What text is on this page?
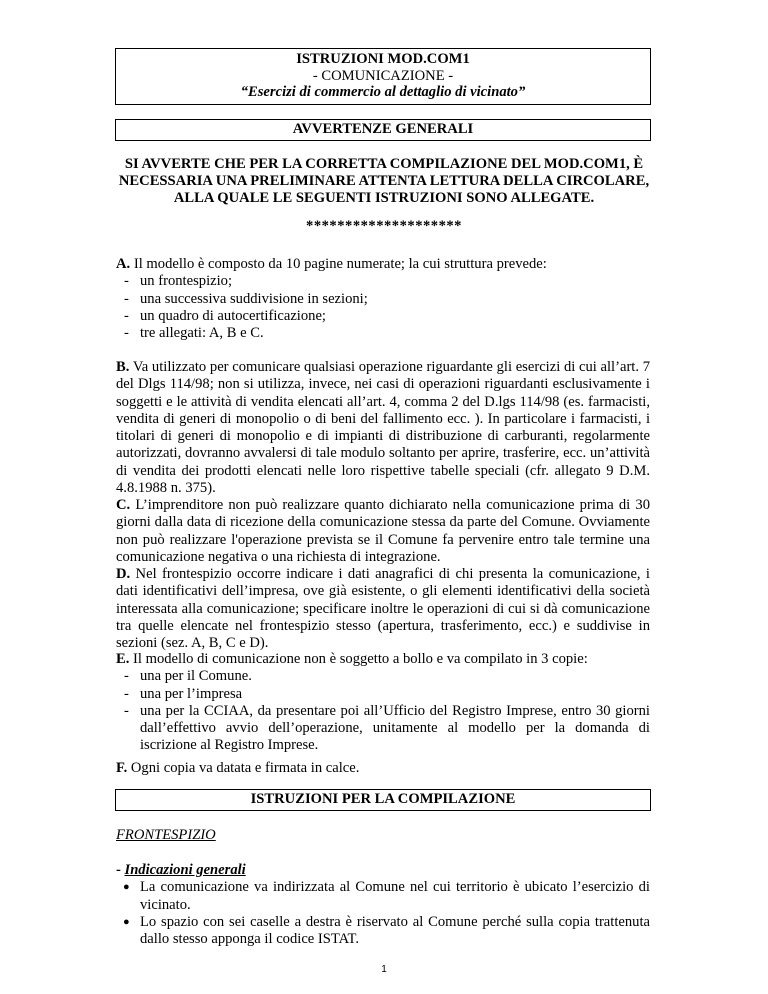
ISTRUZIONI MOD.COM1
- COMUNICAZIONE -
“Esercizi di commercio al dettaglio di vicinato”
AVVERTENZE GENERALI
SI AVVERTE CHE PER LA CORRETTA COMPILAZIONE DEL MOD.COM1, È NECESSARIA UNA PRELIMINARE ATTENTA LETTURA DELLA CIRCOLARE, ALLA QUALE LE SEGUENTI ISTRUZIONI SONO ALLEGATE.
********************

A. Il modello è composto da 10 pagine numerate; la cui struttura prevede:

- un frontespizio;
- una successiva suddivisione in sezioni;
- un quadro di autocertificazione;
- tre allegati: A, B e C.

B. Va utilizzato per comunicare qualsiasi operazione riguardante gli esercizi di cui all’art. 7 del Dlgs 114/98; non si utilizza, invece, nei casi di operazioni riguardanti esclusivamente i soggetti e le attività di vendita elencati all’art. 4, comma 2 del D.lgs 114/98 (es. farmacisti, vendita di generi di monopolio o di beni del fallimento ecc. ). In particolare i farmacisti, i titolari di generi di monopolio e di impianti di distribuzione di carburanti, regolarmente autorizzati, dovranno avvalersi di tale modulo soltanto per aprire, trasferire, ecc. un’attività di vendita dei prodotti elencati nelle loro rispettive tabelle speciali (cfr. allegato 9 D.M. 4.8.1988 n. 375).

C. L’imprenditore non può realizzare quanto dichiarato nella comunicazione prima di 30 giorni dalla data di ricezione della comunicazione stessa da parte del Comune. Ovviamente non può realizzare l'operazione prevista se il Comune fa pervenire entro tale termine una comunicazione negativa o una richiesta di integrazione.

D. Nel frontespizio occorre indicare i dati anagrafici di chi presenta la comunicazione, i dati identificativi dell’impresa, ove già esistente, o gli elementi identificativi della società interessata alla comunicazione; specificare inoltre le operazioni di cui si dà comunicazione tra quelle elencate nel frontespizio stesso (apertura, trasferimento, ecc.) e suddivise in sezioni (sez. A, B, C e D).

E. Il modello di comunicazione non è soggetto a bollo e va compilato in 3 copie:

- una per il Comune.
- una per l’impresa
- una per la CCIAA, da presentare poi all’Ufficio del Registro Imprese, entro 30 giorni dall’effettivo avvio dell’operazione, unitamente al modello per la domanda di iscrizione al Registro Imprese.

F. Ogni copia va datata e firmata in calce.

ISTRUZIONI PER LA COMPILAZIONE
FRONTESPIZIO

- Indicazioni generali

● La comunicazione va indirizzata al Comune nel cui territorio è ubicato l’esercizio di vicinato.
● Lo spazio con sei caselle a destra è riservato al Comune perché sulla copia trattenuta dallo stesso apponga il codice ISTAT.
1
